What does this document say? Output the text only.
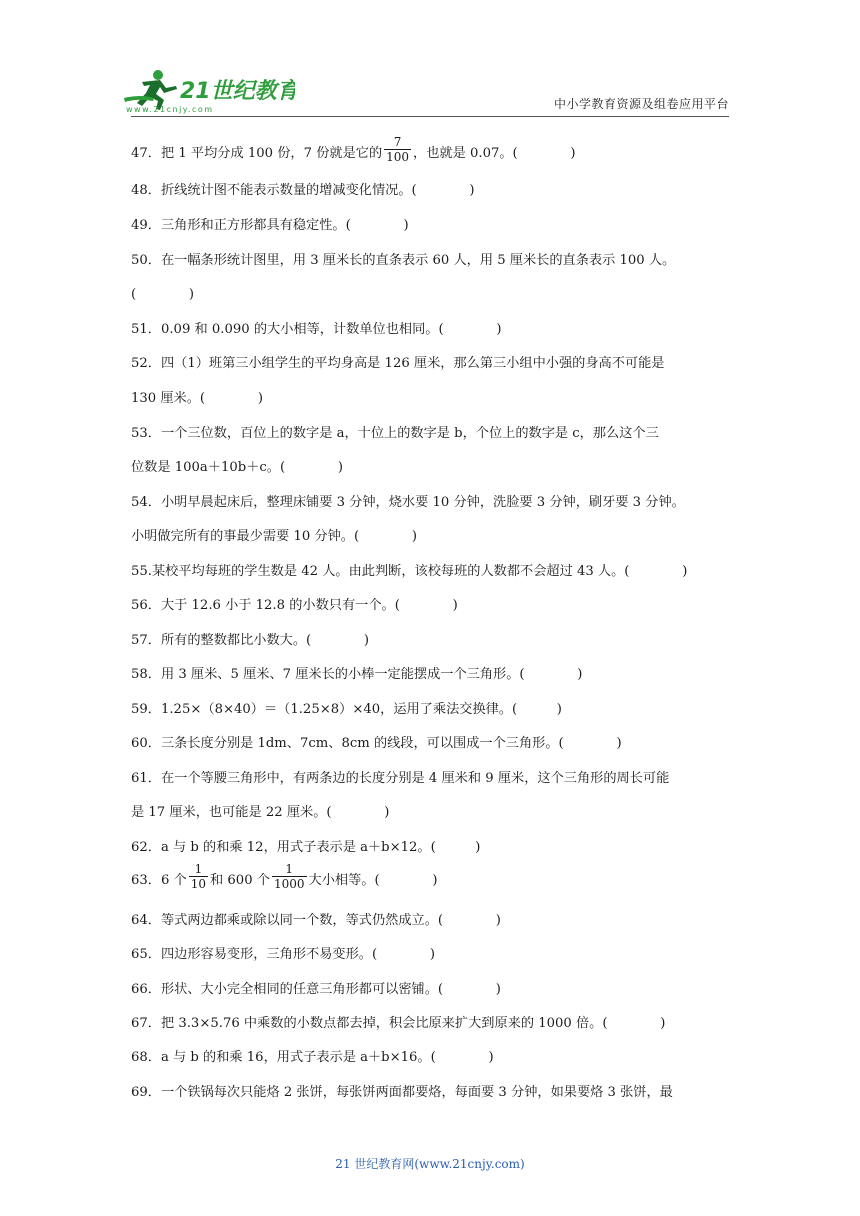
21世纪教育
www.21cnjy.com	中小学教育资源及组卷应用平台
47．把 1 平均分成 100 份，7 份就是它的 $\frac{7}{100}$ ，也就是 0.07。(　　　　)
48．折线统计图不能表示数量的增减变化情况。(　　　　)
49．三角形和正方形都具有稳定性。(　　　　)
50．在一幅条形统计图里，用 3 厘米长的直条表示 60 人，用 5 厘米长的直条表示 100 人。
(　　　　)
51．0.09 和 0.090 的大小相等，计数单位也相同。(　　　　)
52．四（1）班第三小组学生的平均身高是 126 厘米，那么第三小组中小强的身高不可能是
130 厘米。(　　　　)
53．一个三位数，百位上的数字是 a，十位上的数字是 b，个位上的数字是 c，那么这个三
位数是 100a＋10b＋c。(　　　　)
54．小明早晨起床后，整理床铺要 3 分钟，烧水要 10 分钟，洗脸要 3 分钟，刷牙要 3 分钟。
小明做完所有的事最少需要 10 分钟。(　　　　)
55.某校平均每班的学生数是 42 人。由此判断，该校每班的人数都不会超过 43 人。(　　　　)
56．大于 12.6 小于 12.8 的小数只有一个。(　　　　)
57．所有的整数都比小数大。(　　　　)
58．用 3 厘米、5 厘米、7 厘米长的小棒一定能摆成一个三角形。(　　　　)
59．1.25×（8×40）＝（1.25×8）×40，运用了乘法交换律。(　　　)
60．三条长度分别是 1dm、7cm、8cm 的线段，可以围成一个三角形。(　　　　)
61．在一个等腰三角形中，有两条边的长度分别是 4 厘米和 9 厘米，这个三角形的周长可能
是 17 厘米，也可能是 22 厘米。(　　　　)
62．a 与 b 的和乘 12，用式子表示是 a＋b×12。(　　　)
63．6 个 $\frac{1}{10}$ 和 600 个 $\frac{1}{1000}$ 大小相等。(　　　　)
64．等式两边都乘或除以同一个数，等式仍然成立。(　　　　)
65．四边形容易变形，三角形不易变形。(　　　　)
66．形状、大小完全相同的任意三角形都可以密铺。(　　　　)
67．把 3.3×5.76 中乘数的小数点都去掉，积会比原来扩大到原来的 1000 倍。(　　　　)
68．a 与 b 的和乘 16，用式子表示是 a＋b×16。(　　　　)
69．一个铁锅每次只能烙 2 张饼，每张饼两面都要烙，每面要 3 分钟，如果要烙 3 张饼，最
21 世纪教育网(www.21cnjy.com)
